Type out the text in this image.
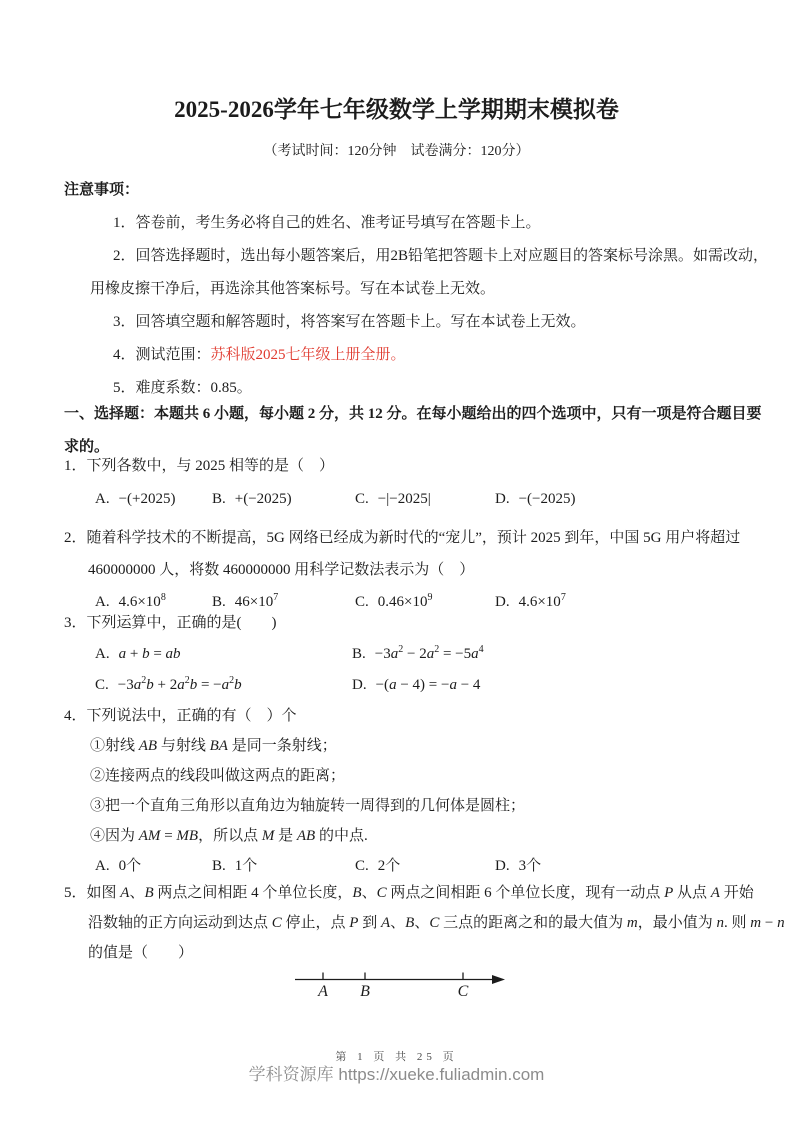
2025-2026学年七年级数学上学期期末模拟卷
（考试时间：120分钟　试卷满分：120分）
注意事项：
1．答卷前，考生务必将自己的姓名、准考证号填写在答题卡上。
2．回答选择题时，选出每小题答案后，用2B铅笔把答题卡上对应题目的答案标号涂黑。如需改动，
用橡皮擦干净后，再选涂其他答案标号。写在本试卷上无效。
3．回答填空题和解答题时，将答案写在答题卡上。写在本试卷上无效。
4．测试范围：苏科版2025七年级上册全册。
5．难度系数：0.85。
一、选择题：本题共 6 小题，每小题 2 分，共 12 分。在每小题给出的四个选项中，只有一项是符合题目要
求的。
1．下列各数中，与 2025 相等的是（　）
A. −(+2025) B. +(−2025)	C. −|−2025|	D. −(−2025)
2．随着科学技术的不断提高，5G 网络已经成为新时代的“宠儿”，预计 2025 到年，中国 5G 用户将超过
460000000 人，将数 460000000 用科学记数法表示为（　）
A. $4.6\times 10^8$	B. $46\times 10^7$	C. $0.46\times 10^9$	D. $4.6\times 10^7$
3．下列运算中，正确的是(　　)
A. a + b = ab	B. $-3a^2 - 2a^2 = -5a^4$
C. $-3a^2b + 2a^2b = -a^2b$	D. −(a − 4) = −a − 4
4．下列说法中，正确的有（　）个
①射线 AB 与射线 BA 是同一条射线；
②连接两点的线段叫做这两点的距离；
③把一个直角三角形以直角边为轴旋转一周得到的几何体是圆柱；
④因为 AM = MB，所以点 M 是 AB 的中点.
A. 0个	B. 1个	C. 2个	D. 3个
5．如图 A、B 两点之间相距 4 个单位长度，B、C 两点之间相距 6 个单位长度，现有一动点 P 从点 A 开始
沿数轴的正方向运动到达点 C 停止，点 P 到 A、B、C 三点的距离之和的最大值为 m，最小值为 n. 则 m − n
的值是（　　）
A	B	C
第 1 页 共 25 页
学科资源库 https://xueke.fuliadmin.com
